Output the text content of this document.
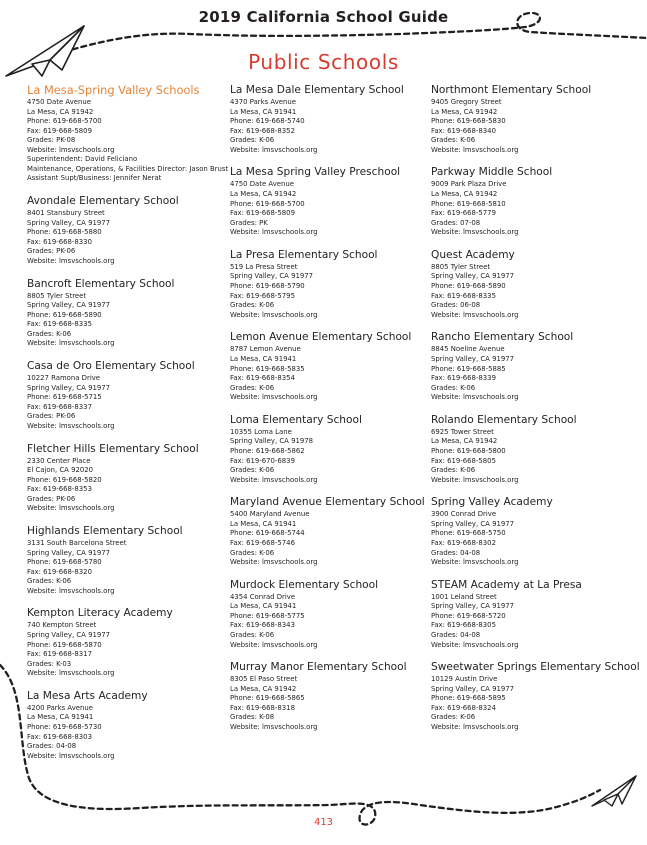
2019 California School Guide
Public Schools
La Mesa-Spring Valley Schools
4750 Date Avenue
La Mesa, CA 91942
Phone: 619-668-5700
Fax: 619-668-5809
Grades: PK-08
Website: lmsvschools.org
Superintendent: David Feliciano
Maintenance, Operations, & Facilities Director: Jason Brust
Assistant Supt/Business: Jennifer Nerat
Avondale Elementary School
8401 Stansbury Street
Spring Valley, CA 91977
Phone: 619-668-5880
Fax: 619-668-8330
Grades: PK-06
Website: lmsvschools.org
Bancroft Elementary School
8805 Tyler Street
Spring Valley, CA 91977
Phone: 619-668-5890
Fax: 619-668-8335
Grades: K-06
Website: lmsvschools.org
Casa de Oro Elementary School
10227 Ramona Drive
Spring Valley, CA 91977
Phone: 619-668-5715
Fax: 619-668-8337
Grades: PK-06
Website: lmsvschools.org
Fletcher Hills Elementary School
2330 Center Place
El Cajon, CA 92020
Phone: 619-668-5820
Fax: 619-668-8353
Grades: PK-06
Website: lmsvschools.org
Highlands Elementary School
3131 South Barcelona Street
Spring Valley, CA 91977
Phone: 619-668-5780
Fax: 619-668-8320
Grades: K-06
Website: lmsvschools.org
Kempton Literacy Academy
740 Kempton Street
Spring Valley, CA 91977
Phone: 619-668-5870
Fax: 619-668-8317
Grades: K-03
Website: lmsvschools.org
La Mesa Arts Academy
4200 Parks Avenue
La Mesa, CA 91941
Phone: 619-668-5730
Fax: 619-668-8303
Grades: 04-08
Website: lmsvschools.org
La Mesa Dale Elementary School
4370 Parks Avenue
La Mesa, CA 91941
Phone: 619-668-5740
Fax: 619-668-8352
Grades: K-06
Website: lmsvschools.org
La Mesa Spring Valley Preschool
4750 Date Avenue
La Mesa, CA 91942
Phone: 619-668-5700
Fax: 619-668-5809
Grades: PK
Website: lmsvschools.org
La Presa Elementary School
519 La Presa Street
Spring Valley, CA 91977
Phone: 619-668-5790
Fax: 619-668-5795
Grades: K-06
Website: lmsvschools.org
Lemon Avenue Elementary School
8787 Lemon Avenue
La Mesa, CA 91941
Phone: 619-668-5835
Fax: 619-668-8354
Grades: K-06
Website: lmsvschools.org
Loma Elementary School
10355 Loma Lane
Spring Valley, CA 91978
Phone: 619-668-5862
Fax: 619-670-6839
Grades: K-06
Website: lmsvschools.org
Maryland Avenue Elementary School
5400 Maryland Avenue
La Mesa, CA 91941
Phone: 619-668-5744
Fax: 619-668-5746
Grades: K-06
Website: lmsvschools.org
Murdock Elementary School
4354 Conrad Drive
La Mesa, CA 91941
Phone: 619-668-5775
Fax: 619-668-8343
Grades: K-06
Website: lmsvschools.org
Murray Manor Elementary School
8305 El Paso Street
La Mesa, CA 91942
Phone: 619-668-5865
Fax: 619-668-8318
Grades: K-08
Website: lmsvschools.org
Northmont Elementary School
9405 Gregory Street
La Mesa, CA 91942
Phone: 619-668-5830
Fax: 619-668-8340
Grades: K-06
Website: lmsvschools.org
Parkway Middle School
9009 Park Plaza Drive
La Mesa, CA 91942
Phone: 619-668-5810
Fax: 619-668-5779
Grades: 07-08
Website: lmsvschools.org
Quest Academy
8805 Tyler Street
Spring Valley, CA 91977
Phone: 619-668-5890
Fax: 619-668-8335
Grades: 06-08
Website: lmsvschools.org
Rancho Elementary School
8845 Noeline Avenue
Spring Valley, CA 91977
Phone: 619-668-5885
Fax: 619-668-8339
Grades: K-06
Website: lmsvschools.org
Rolando Elementary School
6925 Tower Street
La Mesa, CA 91942
Phone: 619-668-5800
Fax: 619-668-5805
Grades: K-06
Website: lmsvschools.org
Spring Valley Academy
3900 Conrad Drive
Spring Valley, CA 91977
Phone: 619-668-5750
Fax: 619-668-8302
Grades: 04-08
Website: lmsvschools.org
STEAM Academy at La Presa
1001 Leland Street
Spring Valley, CA 91977
Phone: 619-668-5720
Fax: 619-668-8305
Grades: 04-08
Website: lmsvschools.org
Sweetwater Springs Elementary School
10129 Austin Drive
Spring Valley, CA 91977
Phone: 619-668-5895
Fax: 619-668-8324
Grades: K-06
Website: lmsvschools.org
413
